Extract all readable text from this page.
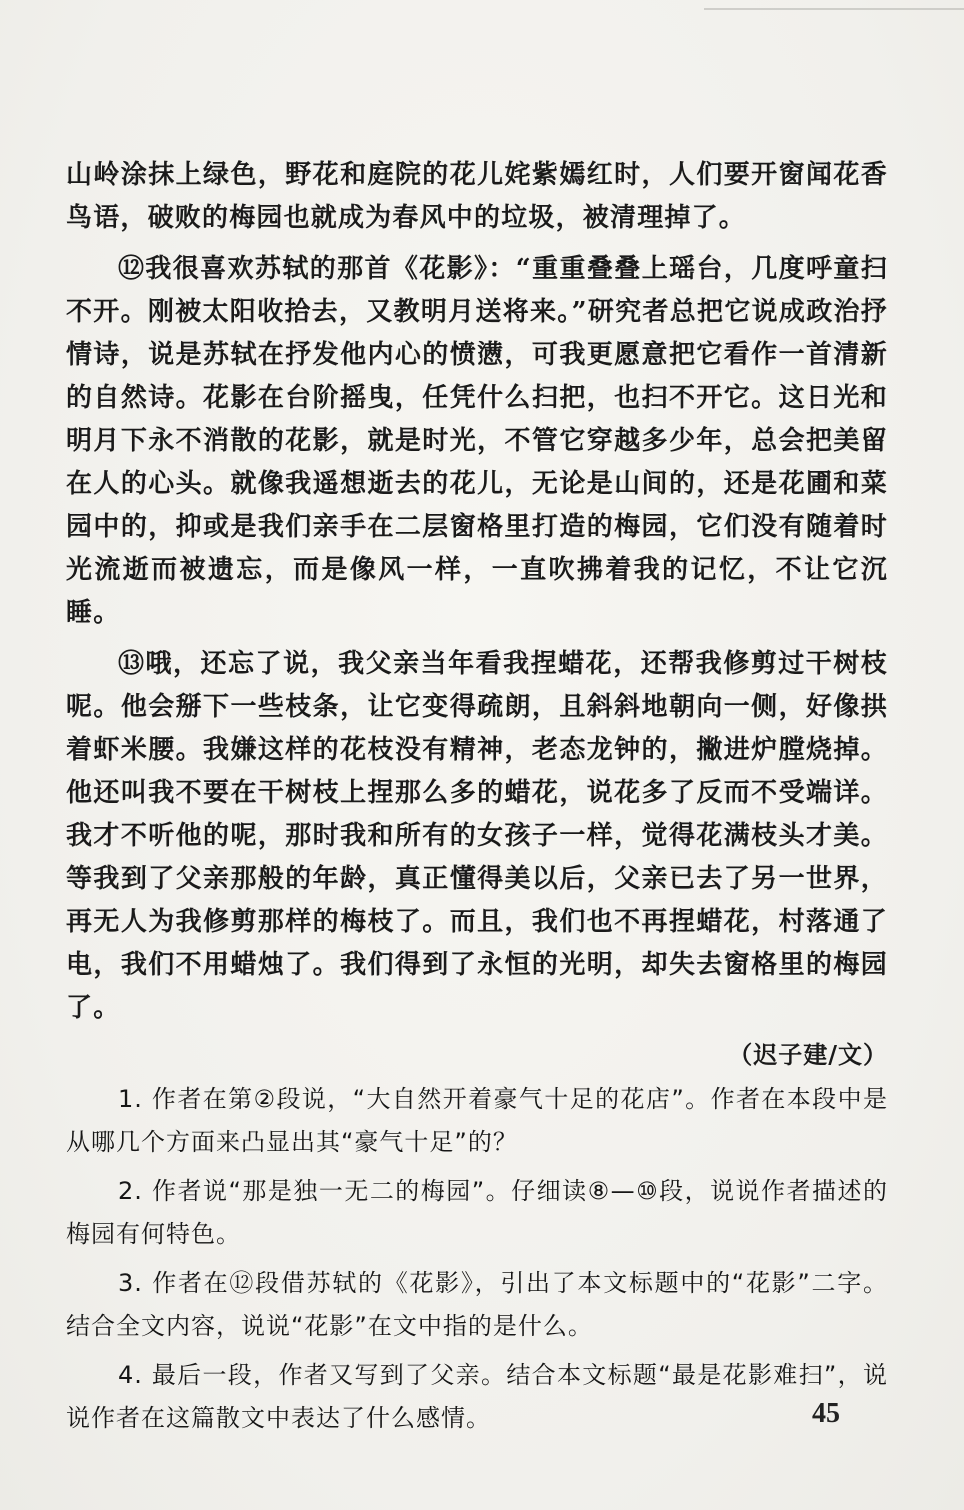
山岭涂抹上绿色，野花和庭院的花儿姹紫嫣红时，人们要开窗闻花香鸟语，破败的梅园也就成为春风中的垃圾，被清理掉了。

⑫我很喜欢苏轼的那首《花影》：“重重叠叠上瑶台，几度呼童扫不开。刚被太阳收拾去，又教明月送将来。”研究者总把它说成政治抒情诗，说是苏轼在抒发他内心的愤懑，可我更愿意把它看作一首清新的自然诗。花影在台阶摇曳，任凭什么扫把，也扫不开它。这日光和明月下永不消散的花影，就是时光，不管它穿越多少年，总会把美留在人的心头。就像我遥想逝去的花儿，无论是山间的，还是花圃和菜园中的，抑或是我们亲手在二层窗格里打造的梅园，它们没有随着时光流逝而被遗忘，而是像风一样，一直吹拂着我的记忆，不让它沉睡。

⑬哦，还忘了说，我父亲当年看我捏蜡花，还帮我修剪过干树枝呢。他会掰下一些枝条，让它变得疏朗，且斜斜地朝向一侧，好像拱着虾米腰。我嫌这样的花枝没有精神，老态龙钟的，撇进炉膛烧掉。他还叫我不要在干树枝上捏那么多的蜡花，说花多了反而不受端详。我才不听他的呢，那时我和所有的女孩子一样，觉得花满枝头才美。等我到了父亲那般的年龄，真正懂得美以后，父亲已去了另一世界，再无人为我修剪那样的梅枝了。而且，我们也不再捏蜡花，村落通了电，我们不用蜡烛了。我们得到了永恒的光明，却失去窗格里的梅园了。

（迟子建/文）

1. 作者在第②段说，“大自然开着豪气十足的花店”。作者在本段中是从哪几个方面来凸显出其“豪气十足”的？

2. 作者说“那是独一无二的梅园”。仔细读⑧—⑩段，说说作者描述的梅园有何特色。

3. 作者在⑫段借苏轼的《花影》，引出了本文标题中的“花影”二字。结合全文内容，说说“花影”在文中指的是什么。

4. 最后一段，作者又写到了父亲。结合本文标题“最是花影难扫”，说说作者在这篇散文中表达了什么感情。	45
